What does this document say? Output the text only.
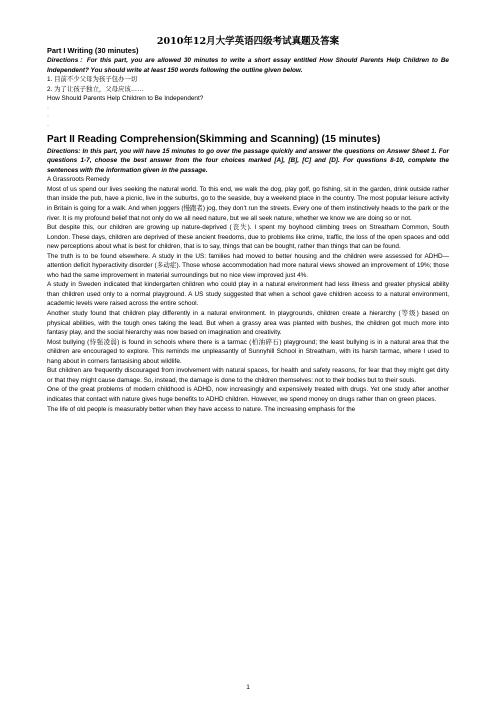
2010年12月大学英语四级考试真题及答案

Part I Writing (30 minutes)

Directions：For this part, you are allowed 30 minutes to write a short essay entitled How Should Parents Help Children to Be Independent? You should write at least 150 words following the outline given below.

1. 目前不少父母为孩子包办一切

2. 为了让孩子独立，父母应该……

How Should Parents Help Children to Be Independent?

·

·

·

Part II Reading Comprehension(Skimming and Scanning) (15 minutes)

Directions: In this part, you will have 15 minutes to go over the passage quickly and answer the questions on Answer Sheet 1. For questions 1-7, choose the best answer from the four choices marked [A], [B], [C] and [D]. For questions 8-10, complete the sentences with the information given in the passage.

A Grassroots Remedy

Most of us spend our lives seeking the natural world. To this end, we walk the dog, play golf, go fishing, sit in the garden, drink outside rather than inside the pub, have a picnic, live in the suburbs, go to the seaside, buy a weekend place in the country. The most popular leisure activity in Britain is going for a walk. And when joggers (慢跑者) jog, they don’t run the streets. Every one of them instinctively heads to the park or the river. It is my profound belief that not only do we all need nature, but we all seek nature, whether we know we are doing so or not.

But despite this, our children are growing up nature-deprived (丧失). I spent my boyhood climbing trees on Streatham Common, South London. These days, children are deprived of these ancient freedoms, due to problems like crime, traffic, the loss of the open spaces and odd new perceptions about what is best for children, that is to say, things that can be bought, rather than things that can be found.

The truth is to be found elsewhere. A study in the US: families had moved to better housing and the children were assessed for ADHD—attention deficit hyperactivity disorder (多动症). Those whose accommodation had more natural views showed an improvement of 19%; those who had the same improvement in material surroundings but no nice view improved just 4%.

A study in Sweden indicated that kindergarten children who could play in a natural environment had less illness and greater physical ability than children used only to a normal playground. A US study suggested that when a school gave children access to a natural environment, academic levels were raised across the entire school.

Another study found that children play differently in a natural environment. In playgrounds, children create a hierarchy (等级) based on physical abilities, with the tough ones taking the lead. But when a grassy area was planted with bushes, the children got much more into fantasy play, and the social hierarchy was now based on imagination and creativity.

Most bullying (恃强凌弱) is found in schools where there is a tarmac (柏油碎石) playground; the least bullying is in a natural area that the children are encouraged to explore. This reminds me unpleasantly of Sunnyhill School in Streatham, with its harsh tarmac, where I used to hang about in corners fantasising about wildlife.

But children are frequently discouraged from involvement with natural spaces, for health and safety reasons, for fear that they might get dirty or that they might cause damage. So, instead, the damage is done to the children themselves: not to their bodies but to their souls.

One of the great problems of modern childhood is ADHD, now increasingly and expensively treated with drugs. Yet one study after another indicates that contact with nature gives huge benefits to ADHD children. However, we spend money on drugs rather than on green places.

The life of old people is measurably better when they have access to nature. The increasing emphasis for the

1
